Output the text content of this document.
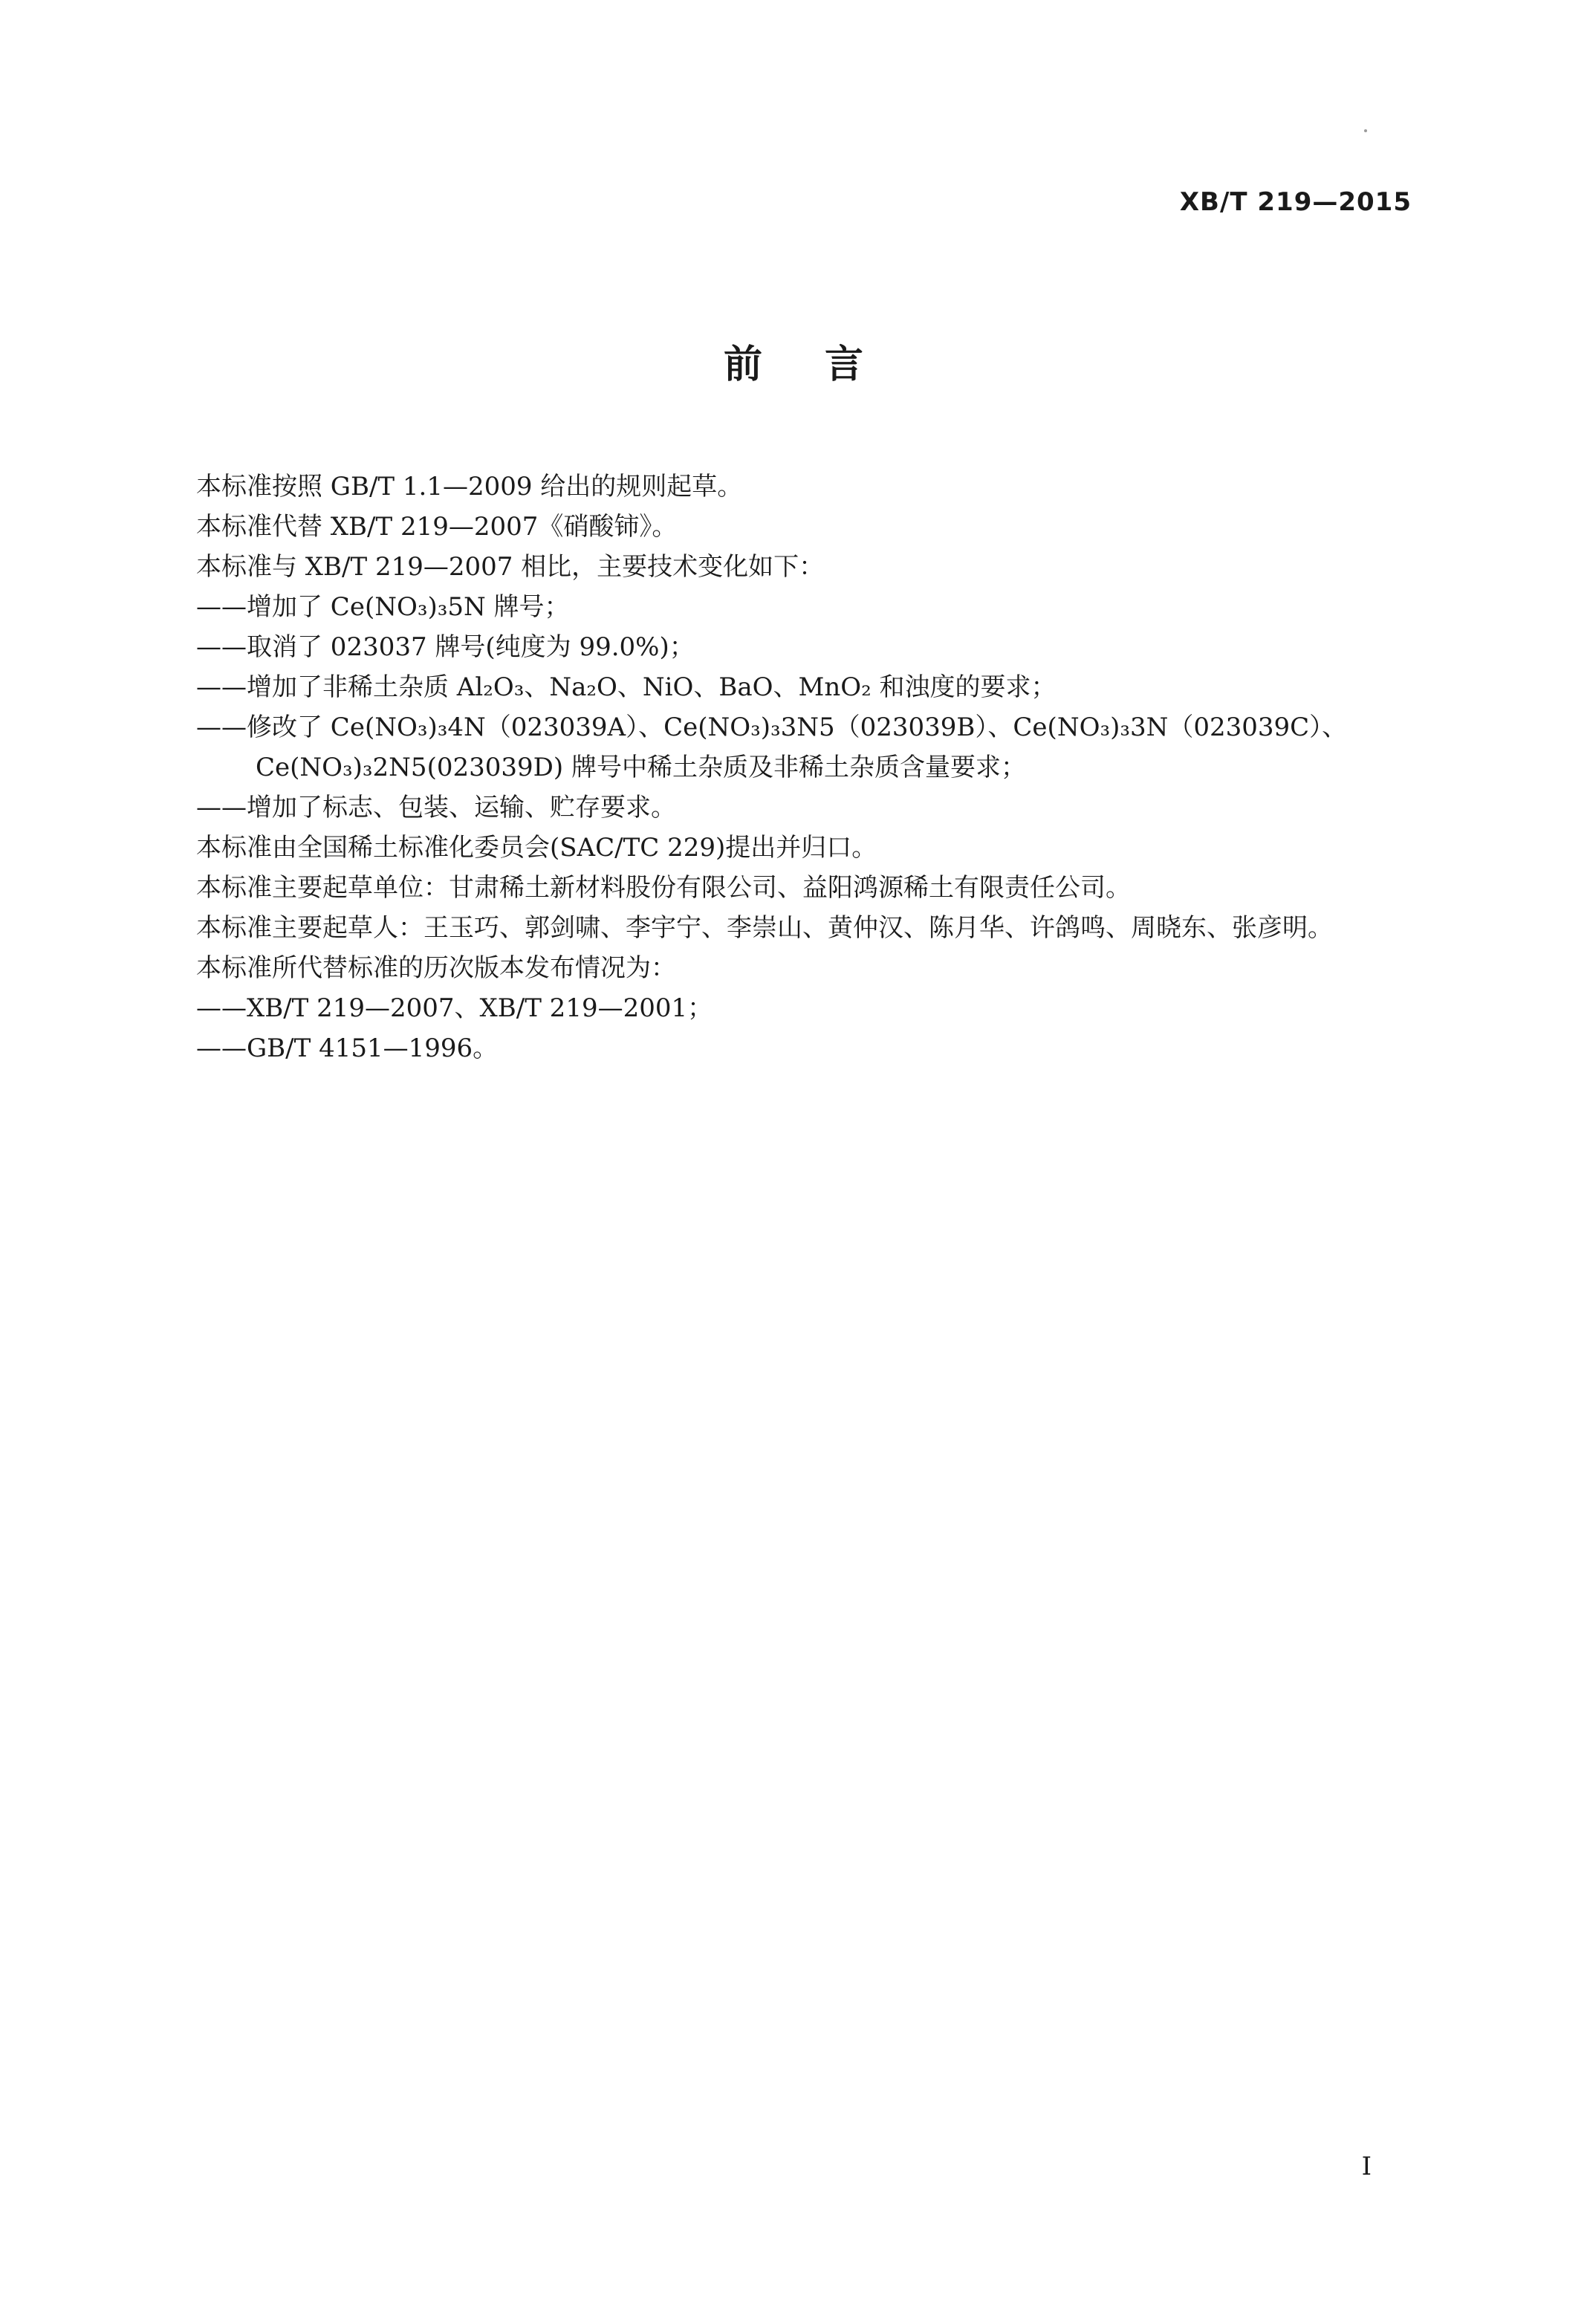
XB/T 219—2015
前言
本标准按照 GB/T 1.1—2009 给出的规则起草。
本标准代替 XB/T 219—2007《硝酸铈》。
本标准与 XB/T 219—2007 相比，主要技术变化如下：
——增加了 Ce(NO₃)₃5N 牌号；
——取消了 023037 牌号(纯度为 99.0%)；
——增加了非稀土杂质 Al₂O₃、Na₂O、NiO、BaO、MnO₂ 和浊度的要求；
——修改了 Ce(NO₃)₃4N（023039A）、Ce(NO₃)₃3N5（023039B）、Ce(NO₃)₃3N（023039C）、
Ce(NO₃)₃2N5(023039D) 牌号中稀土杂质及非稀土杂质含量要求；
——增加了标志、包装、运输、贮存要求。
本标准由全国稀土标准化委员会(SAC/TC 229)提出并归口。
本标准主要起草单位：甘肃稀土新材料股份有限公司、益阳鸿源稀土有限责任公司。
本标准主要起草人：王玉巧、郭剑啸、李宇宁、李崇山、黄仲汉、陈月华、许鸽鸣、周晓东、张彦明。
本标准所代替标准的历次版本发布情况为：
——XB/T 219—2007、XB/T 219—2001；
——GB/T 4151—1996。
I
